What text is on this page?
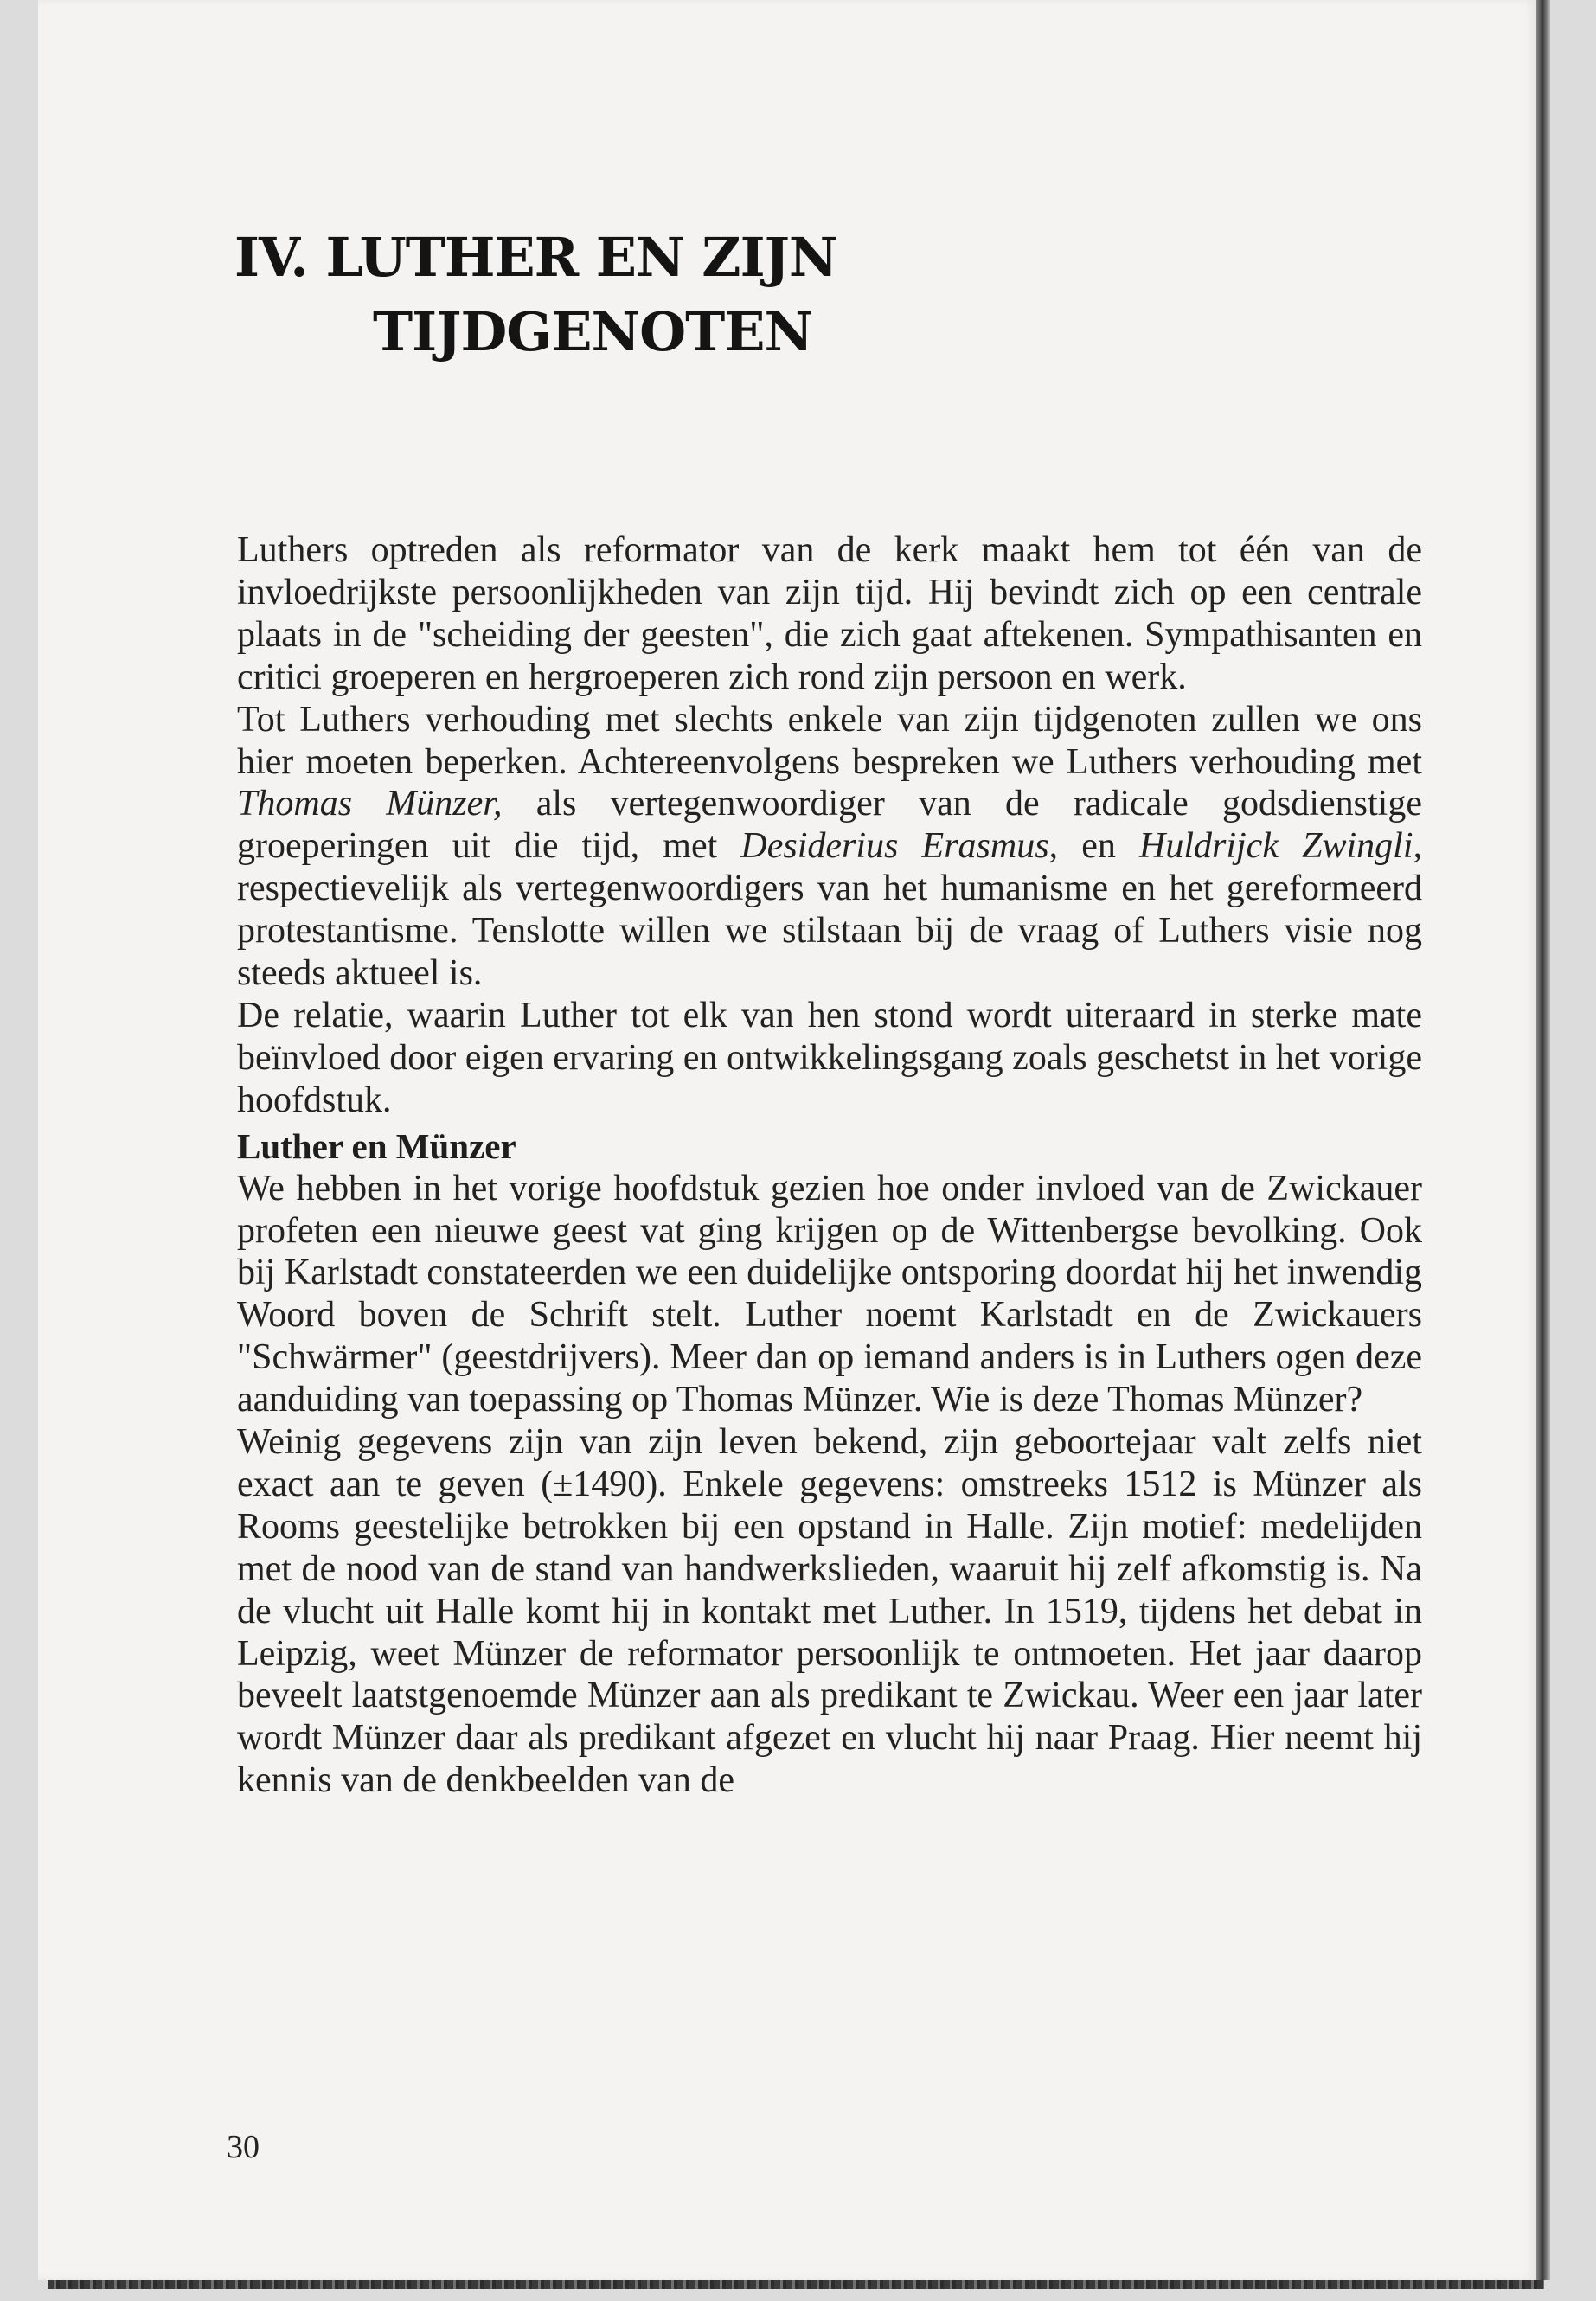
IV. LUTHER EN ZIJN
TIJDGENOTEN

Luthers optreden als reformator van de kerk maakt hem tot één van de invloedrijkste persoonlijkheden van zijn tijd. Hij bevindt zich op een centrale plaats in de "scheiding der geesten", die zich gaat aftekenen. Sympathisanten en critici groeperen en hergroeperen zich rond zijn persoon en werk.

Tot Luthers verhouding met slechts enkele van zijn tijdgenoten zullen we ons hier moeten beperken. Achtereenvolgens bespreken we Luthers verhouding met Thomas Münzer, als vertegenwoordiger van de radicale godsdienstige groeperingen uit die tijd, met Desiderius Erasmus, en Huldrijck Zwingli, respectievelijk als vertegenwoordigers van het humanisme en het gereformeerd protestantisme. Tenslotte willen we stilstaan bij de vraag of Luthers visie nog steeds aktueel is.

De relatie, waarin Luther tot elk van hen stond wordt uiteraard in sterke mate beïnvloed door eigen ervaring en ontwikkelingsgang zoals geschetst in het vorige hoofdstuk.

Luther en Münzer

We hebben in het vorige hoofdstuk gezien hoe onder invloed van de Zwickauer profeten een nieuwe geest vat ging krijgen op de Wittenbergse bevolking. Ook bij Karlstadt constateerden we een duidelijke ontsporing doordat hij het inwendig Woord boven de Schrift stelt. Luther noemt Karlstadt en de Zwickauers "Schwärmer" (geestdrijvers). Meer dan op iemand anders is in Luthers ogen deze aanduiding van toepassing op Thomas Münzer. Wie is deze Thomas Münzer?

Weinig gegevens zijn van zijn leven bekend, zijn geboortejaar valt zelfs niet exact aan te geven (±1490). Enkele gegevens: omstreeks 1512 is Münzer als Rooms geestelijke betrokken bij een opstand in Halle. Zijn motief: medelijden met de nood van de stand van handwerkslieden, waaruit hij zelf afkomstig is. Na de vlucht uit Halle komt hij in kontakt met Luther. In 1519, tijdens het debat in Leipzig, weet Münzer de reformator persoonlijk te ontmoeten. Het jaar daarop beveelt laatstgenoemde Münzer aan als predikant te Zwickau. Weer een jaar later wordt Münzer daar als predikant afgezet en vlucht hij naar Praag. Hier neemt hij kennis van de denkbeelden van de

30
